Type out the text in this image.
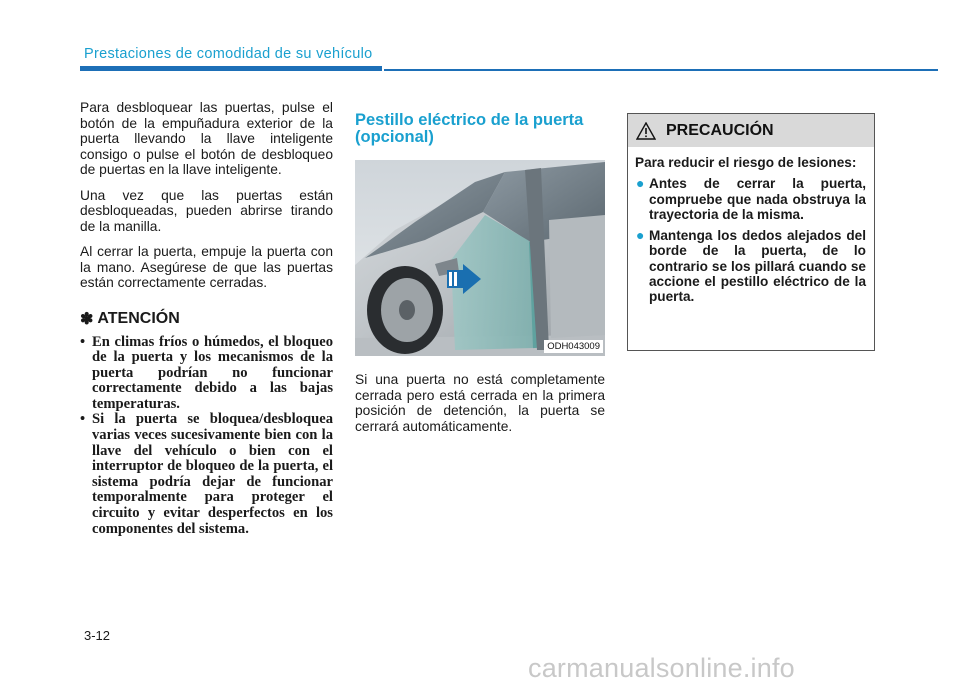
Prestaciones de comodidad de su vehículo

Para desbloquear las puertas, pulse el botón de la empuñadura exterior de la puerta llevando la llave inteligente consigo o pulse el botón de desbloqueo de puertas en la llave inteligente.

Una vez que las puertas están desbloqueadas, pueden abrirse tirando de la manilla.

Al cerrar la puerta, empuje la puerta con la mano. Asegúrese de que las puertas están correctamente cerradas.

✽ ATENCIÓN
• En climas fríos o húmedos, el bloqueo de la puerta y los mecanismos de la puerta podrían no funcionar correctamente debido a las bajas temperaturas.
• Si la puerta se bloquea/desbloquea varias veces sucesivamente bien con la llave del vehículo o bien con el interruptor de bloqueo de la puerta, el sistema podría dejar de funcionar temporalmente para proteger el circuito y evitar desperfectos en los componentes del sistema.
Pestillo eléctrico de la puerta (opcional)
ODH043009

Si una puerta no está completamente cerrada pero está cerrada en la primera posición de detención, la puerta se cerrará automáticamente.

PRECAUCIÓN

Para reducir el riesgo de lesiones:

● Antes de cerrar la puerta, compruebe que nada obstruya la trayectoria de la misma.
● Mantenga los dedos alejados del borde de la puerta, de lo contrario se los pillará cuando se accione el pestillo eléctrico de la puerta.
3-12
carmanualsonline.info
